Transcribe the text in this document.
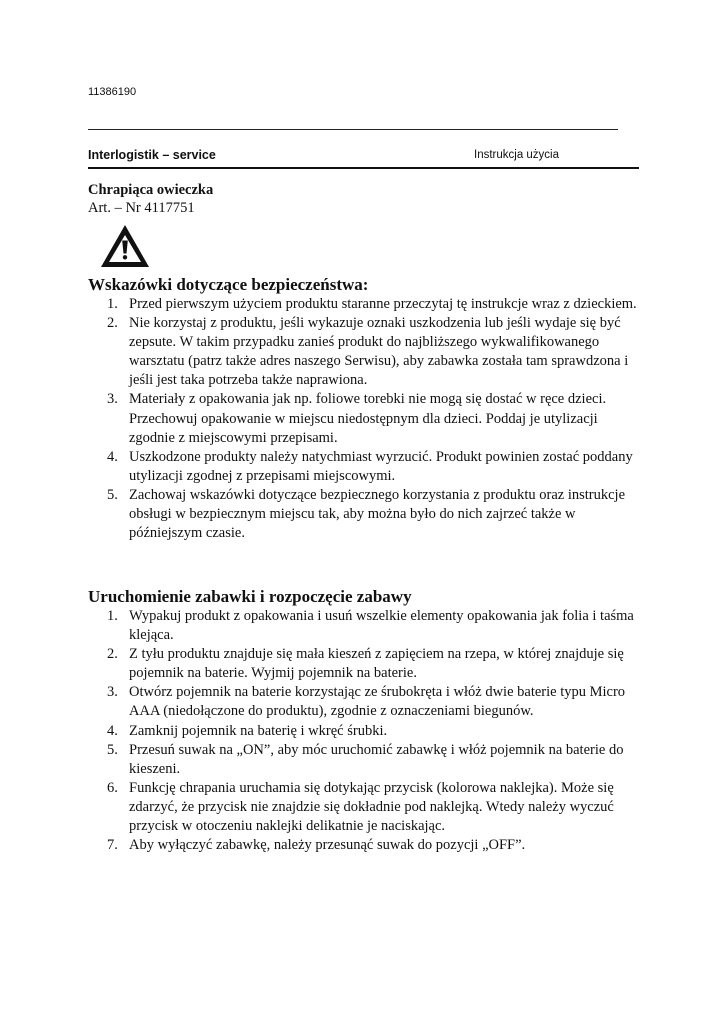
11386190
Interlogistik – service	Instrukcja użycia
Chrapiąca owieczka
Art. – Nr 4117751
Wskazówki dotyczące bezpieczeństwa:
1. Przed pierwszym użyciem produktu staranne przeczytaj tę instrukcje wraz z dzieckiem.
2. Nie korzystaj z produktu, jeśli wykazuje oznaki uszkodzenia lub jeśli wydaje się być zepsute. W takim przypadku zanieś produkt do najbliższego wykwalifikowanego warsztatu (patrz także adres naszego Serwisu), aby zabawka została tam sprawdzona i jeśli jest taka potrzeba także naprawiona.
3. Materiały z opakowania jak np. foliowe torebki nie mogą się dostać w ręce dzieci. Przechowuj opakowanie w miejscu niedostępnym dla dzieci. Poddaj je utylizacji zgodnie z miejscowymi przepisami.
4. Uszkodzone produkty należy natychmiast wyrzucić. Produkt powinien zostać poddany utylizacji zgodnej z przepisami miejscowymi.
5. Zachowaj wskazówki dotyczące bezpiecznego korzystania z produktu oraz instrukcje obsługi w bezpiecznym miejscu tak, aby można było do nich zajrzeć także w późniejszym czasie.
Uruchomienie zabawki i rozpoczęcie zabawy
1. Wypakuj produkt z opakowania i usuń wszelkie elementy opakowania jak folia i taśma klejąca.
2. Z tyłu produktu znajduje się mała kieszeń z zapięciem na rzepa, w której znajduje się pojemnik na baterie. Wyjmij pojemnik na baterie.
3. Otwórz pojemnik na baterie korzystając ze śrubokręta i włóż dwie baterie typu Micro AAA (niedołączone do produktu), zgodnie z oznaczeniami biegunów.
4. Zamknij pojemnik na baterię i wkręć śrubki.
5. Przesuń suwak na „ON”, aby móc uruchomić zabawkę i włóż pojemnik na baterie do kieszeni.
6. Funkcję chrapania uruchamia się dotykając przycisk (kolorowa naklejka). Może się zdarzyć, że przycisk nie znajdzie się dokładnie pod naklejką. Wtedy należy wyczuć przycisk w otoczeniu naklejki delikatnie je naciskając.
7. Aby wyłączyć zabawkę, należy przesunąć suwak do pozycji „OFF”.
